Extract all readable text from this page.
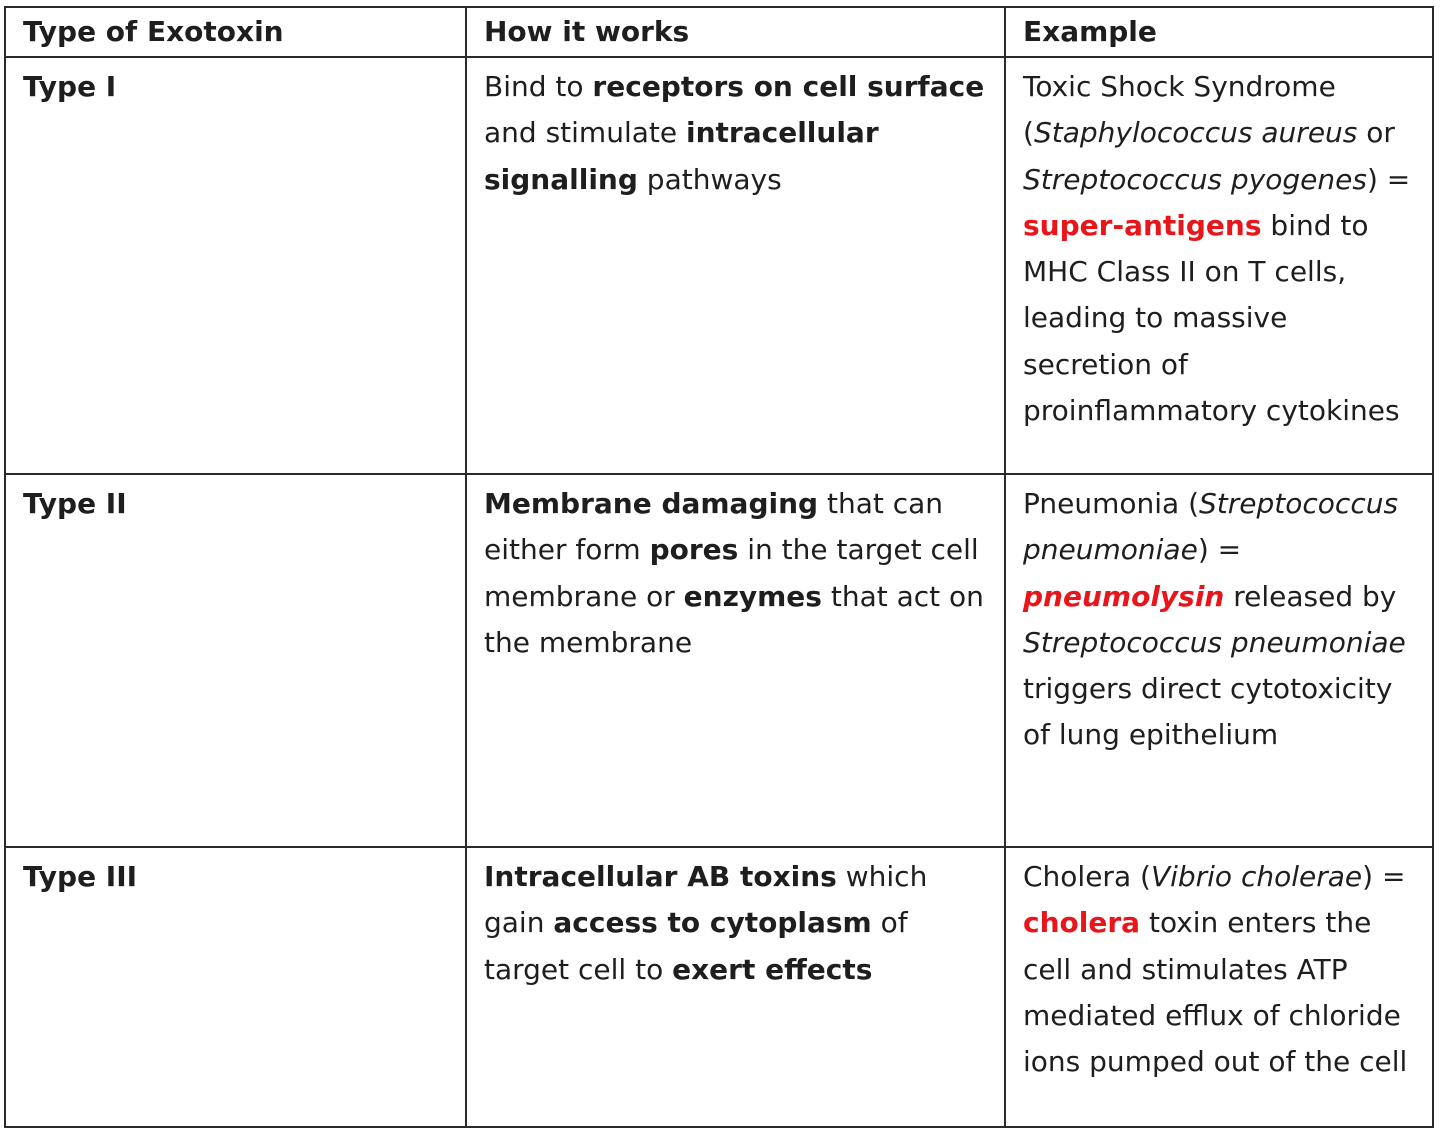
Type of Exotoxin	How it works	Example
Type I	Bind to receptors on cell surface and stimulate intracellular signalling pathways	Toxic Shock Syndrome (Staphylococcus aureus or Streptococcus pyogenes) = super-antigens bind to MHC Class II on T cells, leading to massive secretion of proinflammatory cytokines
Type II	Membrane damaging that can either form pores in the target cell membrane or enzymes that act on the membrane	Pneumonia (Streptococcus pneumoniae) = pneumolysin released by Streptococcus pneumoniae triggers direct cytotoxicity of lung epithelium
Type III	Intracellular AB toxins which gain access to cytoplasm of target cell to exert effects	Cholera (Vibrio cholerae) = cholera toxin enters the cell and stimulates ATP mediated efflux of chloride ions pumped out of the cell
